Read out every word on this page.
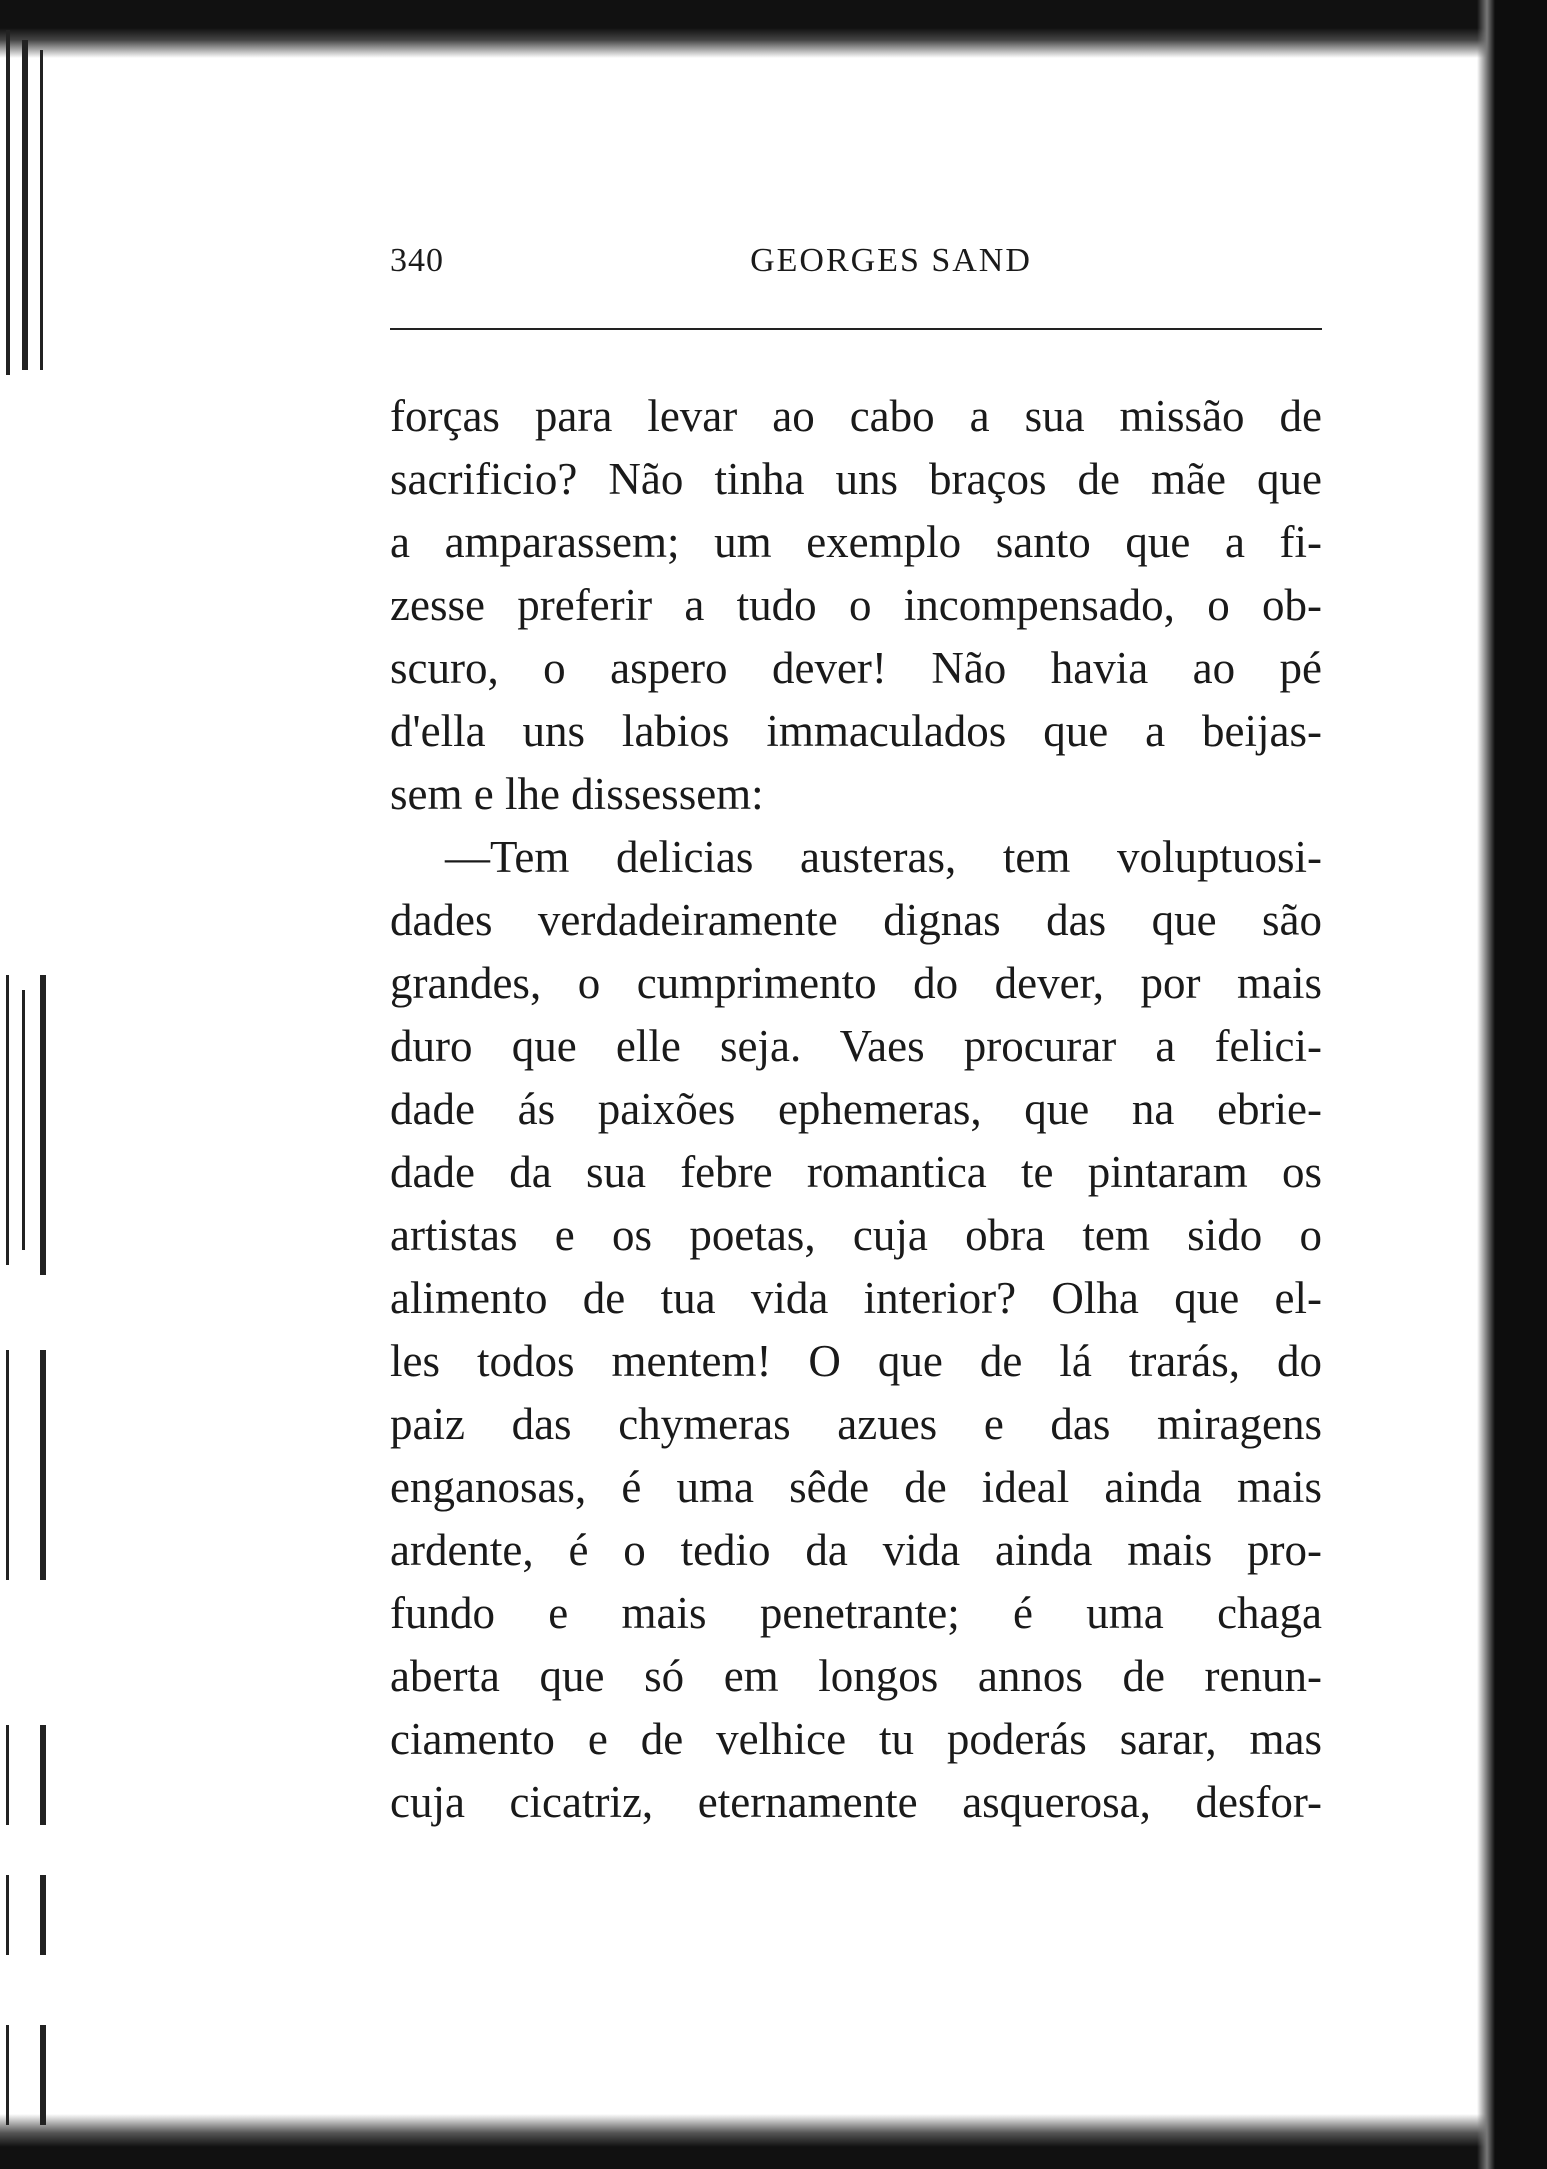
340	GEORGES SAND
forças para levar ao cabo a sua missão de
sacrificio? Não tinha uns braços de mãe que
a amparassem; um exemplo santo que a fi-
zesse preferir a tudo o incompensado, o ob-
scuro, o aspero dever! Não havia ao pé
d'ella uns labios immaculados que a beijas-
sem e lhe dissessem:
—Tem delicias austeras, tem voluptuosi-
dades verdadeiramente dignas das que são
grandes, o cumprimento do dever, por mais
duro que elle seja. Vaes procurar a felici-
dade ás paixões ephemeras, que na ebrie-
dade da sua febre romantica te pintaram os
artistas e os poetas, cuja obra tem sido o
alimento de tua vida interior? Olha que el-
les todos mentem! O que de lá trarás, do
paiz das chymeras azues e das miragens
enganosas, é uma sêde de ideal ainda mais
ardente, é o tedio da vida ainda mais pro-
fundo e mais penetrante; é uma chaga
aberta que só em longos annos de renun-
ciamento e de velhice tu poderás sarar, mas
cuja cicatriz, eternamente asquerosa, desfor-
